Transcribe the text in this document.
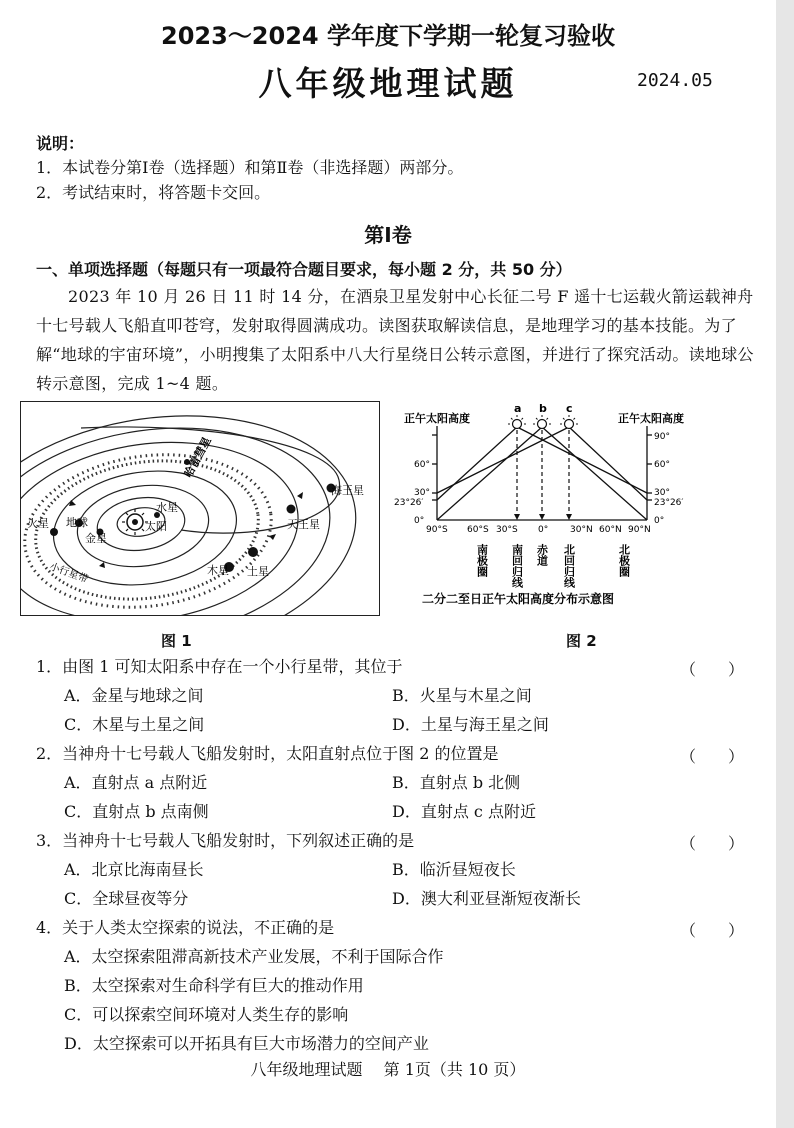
2023～2024 学年度下学期一轮复习验收
八年级地理试题	2024.05
说明：
1．本试卷分第Ⅰ卷（选择题）和第Ⅱ卷（非选择题）两部分。
2．考试结束时，将答题卡交回。
第Ⅰ卷
一、单项选择题（每题只有一项最符合题目要求，每小题 2 分，共 50 分）
2023 年 10 月 26 日 11 时 14 分，在酒泉卫星发射中心长征二号 F 遥十七运载火箭运载神舟十七号载人飞船直叩苍穹，发射取得圆满成功。读图获取解读信息，是地理学习的基本技能。为了解“地球的宇宙环境”，小明搜集了太阳系中八大行星绕日公转示意图，并进行了探究活动。读地球公转示意图，完成 1~4 题。
哈雷彗星
海王星
天王星
土星
木星
火星 地球
金星
水星
太阳
小行星带
图 1
正午太阳高度	正午太阳高度
a b c
60°
30°
23°26′
0°
90°
60°
30°
23°26′
0°
90°S 60°S 30°S 0° 30°N 60°N 90°N
南极圈 南回归线 赤道 北回归线	北极圈
二分二至日正午太阳高度分布示意图
图 2
1．由图 1 可知太阳系中存在一个小行星带，其位于	（　　）
A．金星与地球之间	B．火星与木星之间
C．木星与土星之间	D．土星与海王星之间
2．当神舟十七号载人飞船发射时，太阳直射点位于图 2 的位置是	（　　）
A．直射点 a 点附近	B．直射点 b 北侧
C．直射点 b 点南侧	D．直射点 c 点附近
3．当神舟十七号载人飞船发射时，下列叙述正确的是	（　　）
A．北京比海南昼长	B．临沂昼短夜长
C．全球昼夜等分	D．澳大利亚昼渐短夜渐长
4．关于人类太空探索的说法，不正确的是	（　　）
A．太空探索阻滞高新技术产业发展，不利于国际合作
B．太空探索对生命科学有巨大的推动作用
C．可以探索空间环境对人类生存的影响
D．太空探索可以开拓具有巨大市场潜力的空间产业
八年级地理试题　 第 1页（共 10 页）
